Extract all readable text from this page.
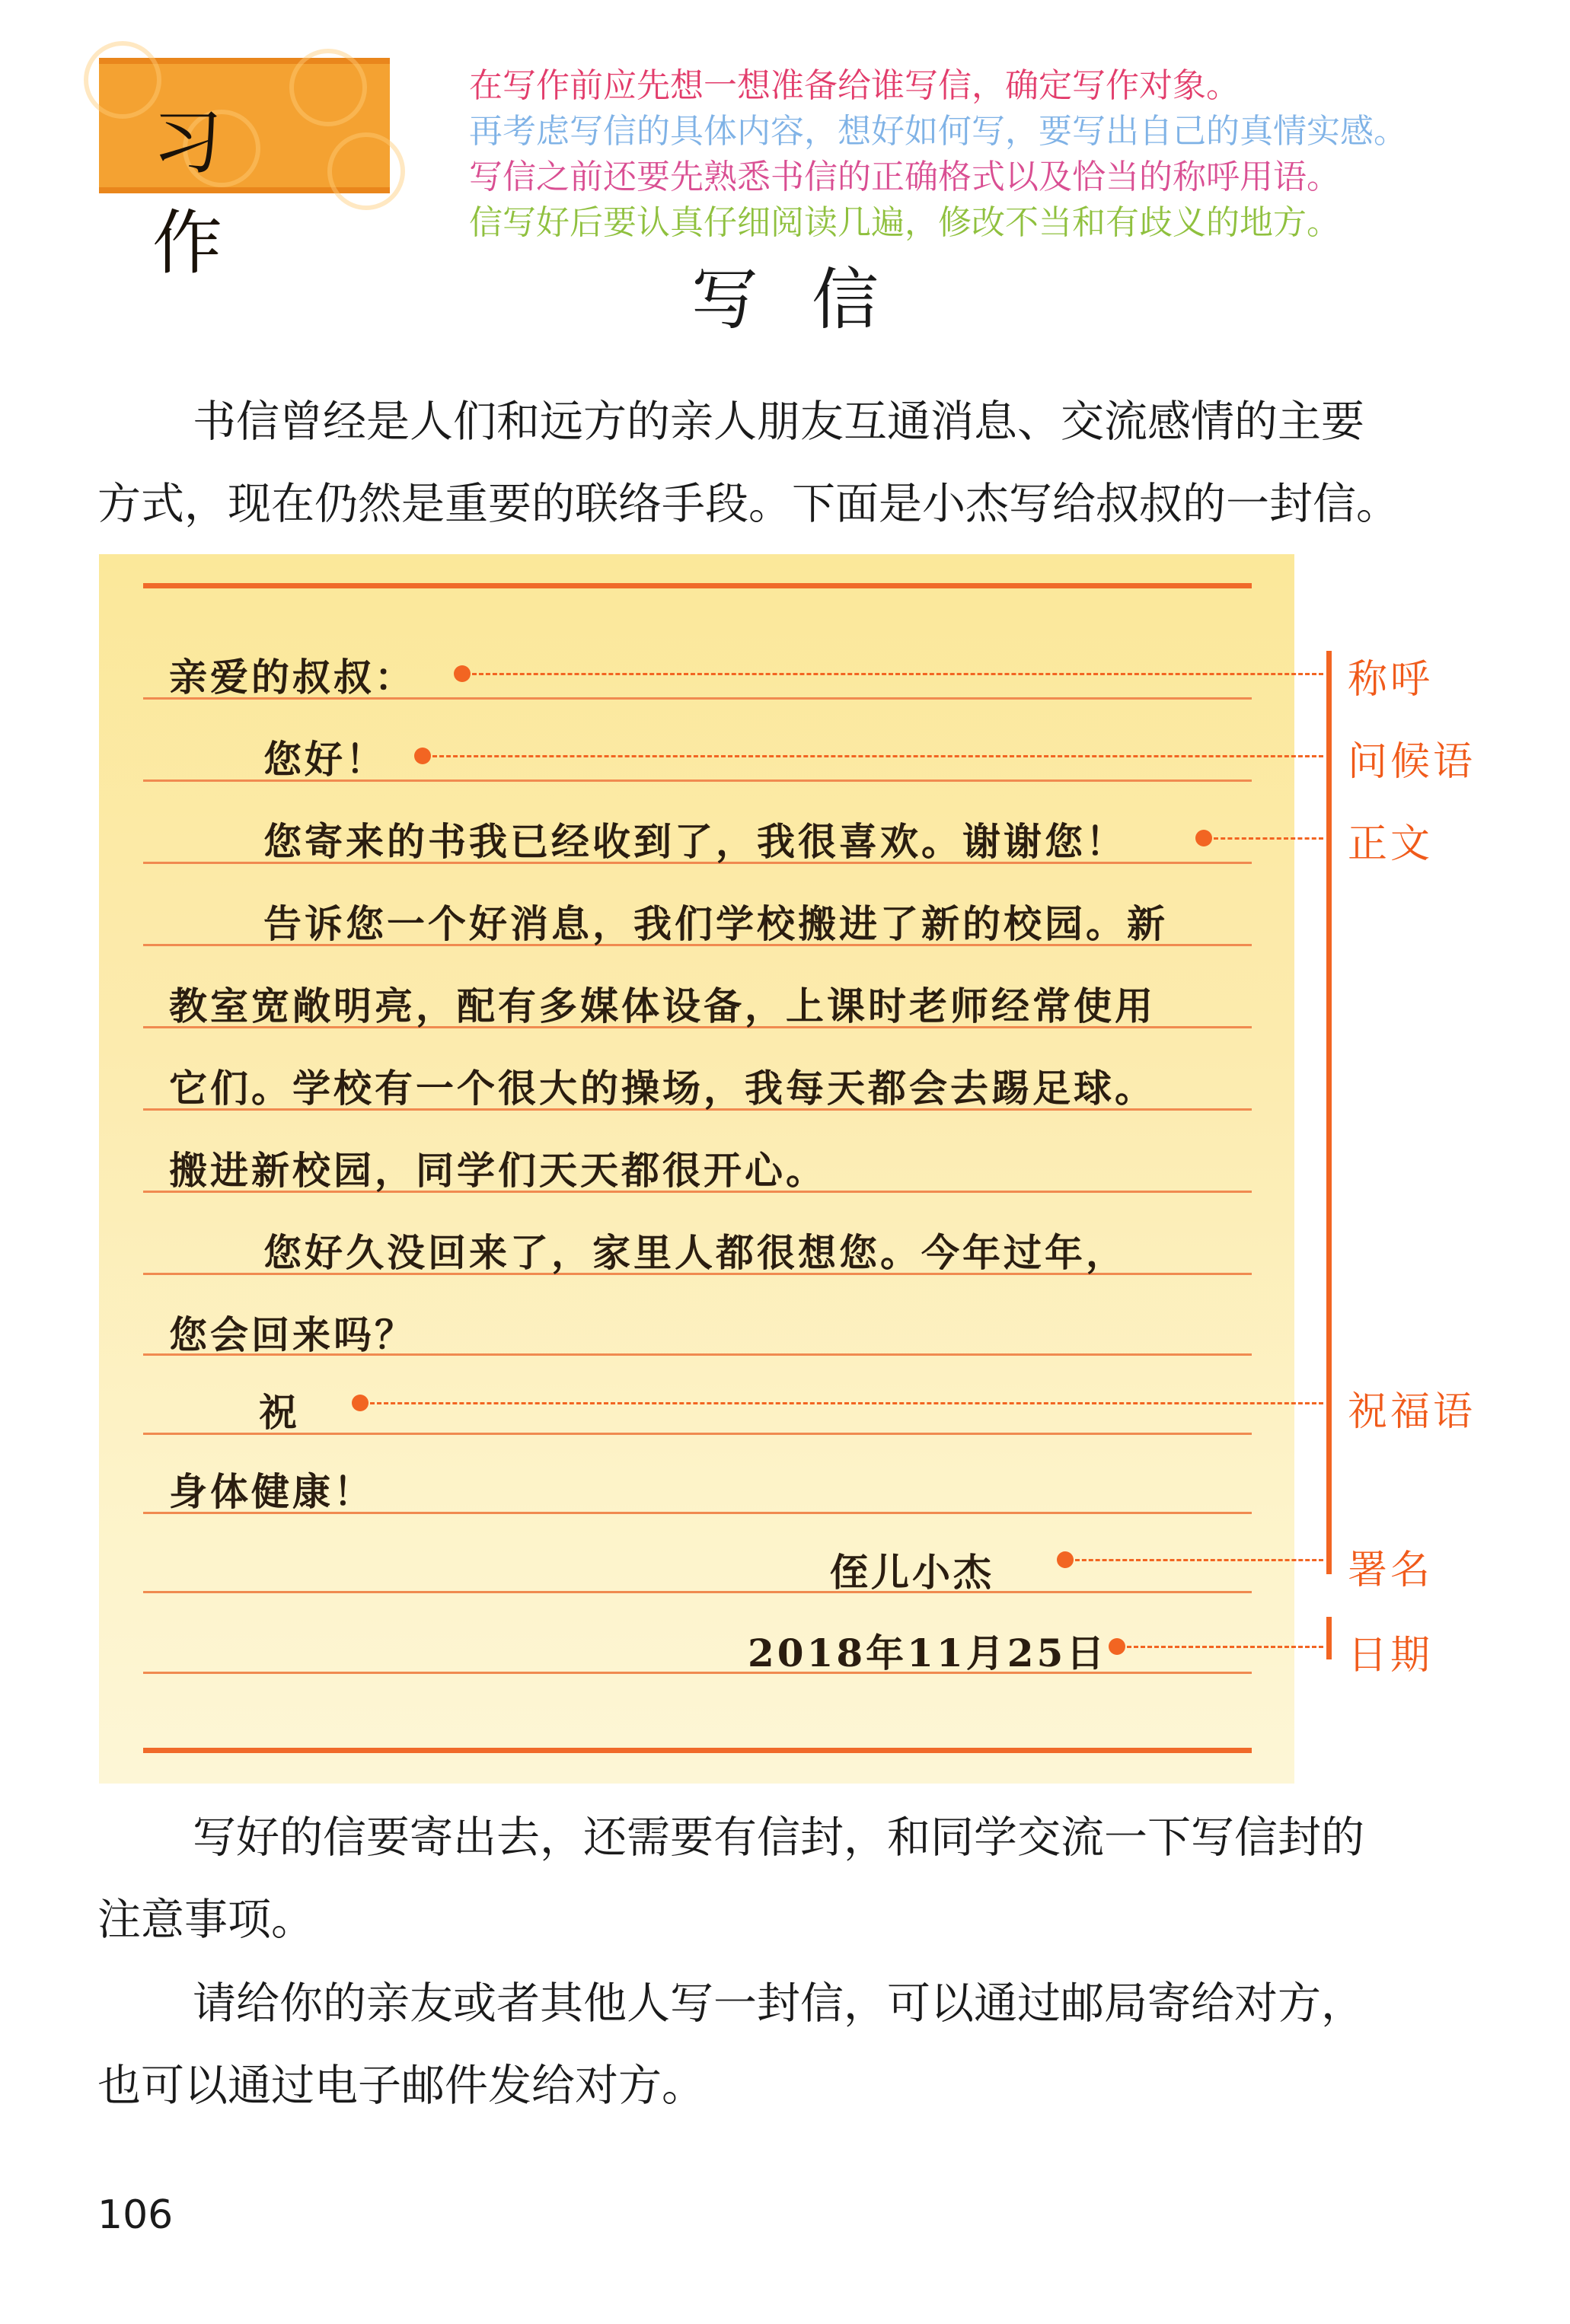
习作
在写作前应先想一想准备给谁写信，确定写作对象。
再考虑写信的具体内容，想好如何写，要写出自己的真情实感。
写信之前还要先熟悉书信的正确格式以及恰当的称呼用语。
信写好后要认真仔细阅读几遍，修改不当和有歧义的地方。
写信
书信曾经是人们和远方的亲人朋友互通消息、交流感情的主要
方式，现在仍然是重要的联络手段。下面是小杰写给叔叔的一封信。
亲爱的叔叔：
您好！
您寄来的书我已经收到了，我很喜欢。谢谢您！
告诉您一个好消息，我们学校搬进了新的校园。新
教室宽敞明亮，配有多媒体设备，上课时老师经常使用
它们。学校有一个很大的操场，我每天都会去踢足球。
搬进新校园，同学们天天都很开心。
您好久没回来了，家里人都很想您。今年过年，
您会回来吗？
祝
身体健康！
侄儿小杰
2018年11月25日
称呼
问候语
正文
祝福语
署名
日期
写好的信要寄出去，还需要有信封，和同学交流一下写信封的
注意事项。
请给你的亲友或者其他人写一封信，可以通过邮局寄给对方，
也可以通过电子邮件发给对方。
106
